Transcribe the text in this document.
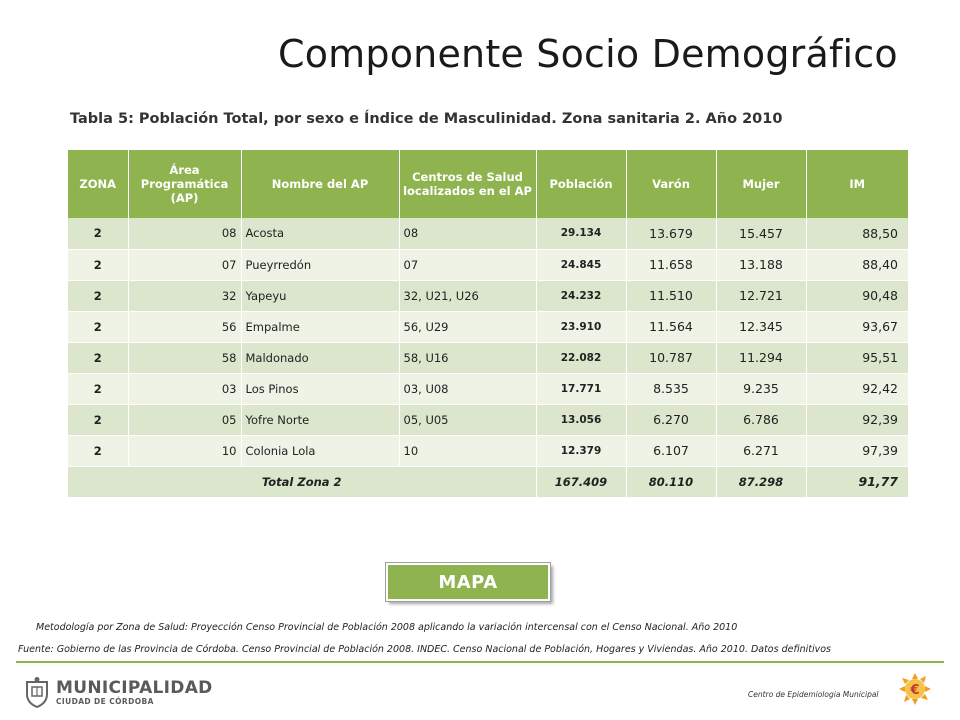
Componente Socio Demográfico
Tabla 5: Población Total, por sexo e Índice de Masculinidad. Zona sanitaria 2. Año 2010
ZONA	Área Programática (AP)	Nombre del AP	Centros de Salud localizados en el AP	Población	Varón	Mujer	IM
2	08	Acosta	08	29.134	13.679	15.457	88,50
2	07	Pueyrredón	07	24.845	11.658	13.188	88,40
2	32	Yapeyu	32, U21, U26	24.232	11.510	12.721	90,48
2	56	Empalme	56, U29	23.910	11.564	12.345	93,67
2	58	Maldonado	58, U16	22.082	10.787	11.294	95,51
2	03	Los Pinos	03, U08	17.771	8.535	9.235	92,42
2	05	Yofre Norte	05, U05	13.056	6.270	6.786	92,39
2	10	Colonia Lola	10	12.379	6.107	6.271	97,39
Total Zona 2				167.409	80.110	87.298	91,77
MAPA
Metodología por Zona de Salud: Proyección Censo Provincial de Población 2008 aplicando la variación intercensal con el Censo Nacional. Año 2010
Fuente: Gobierno de las Provincia de Córdoba. Censo Provincial de Población 2008. INDEC. Censo Nacional de Población, Hogares y Viviendas. Año 2010. Datos definitivos
MUNICIPALIDAD
CIUDAD DE CÓRDOBA
Centro de Epidemiologia Municipal €
